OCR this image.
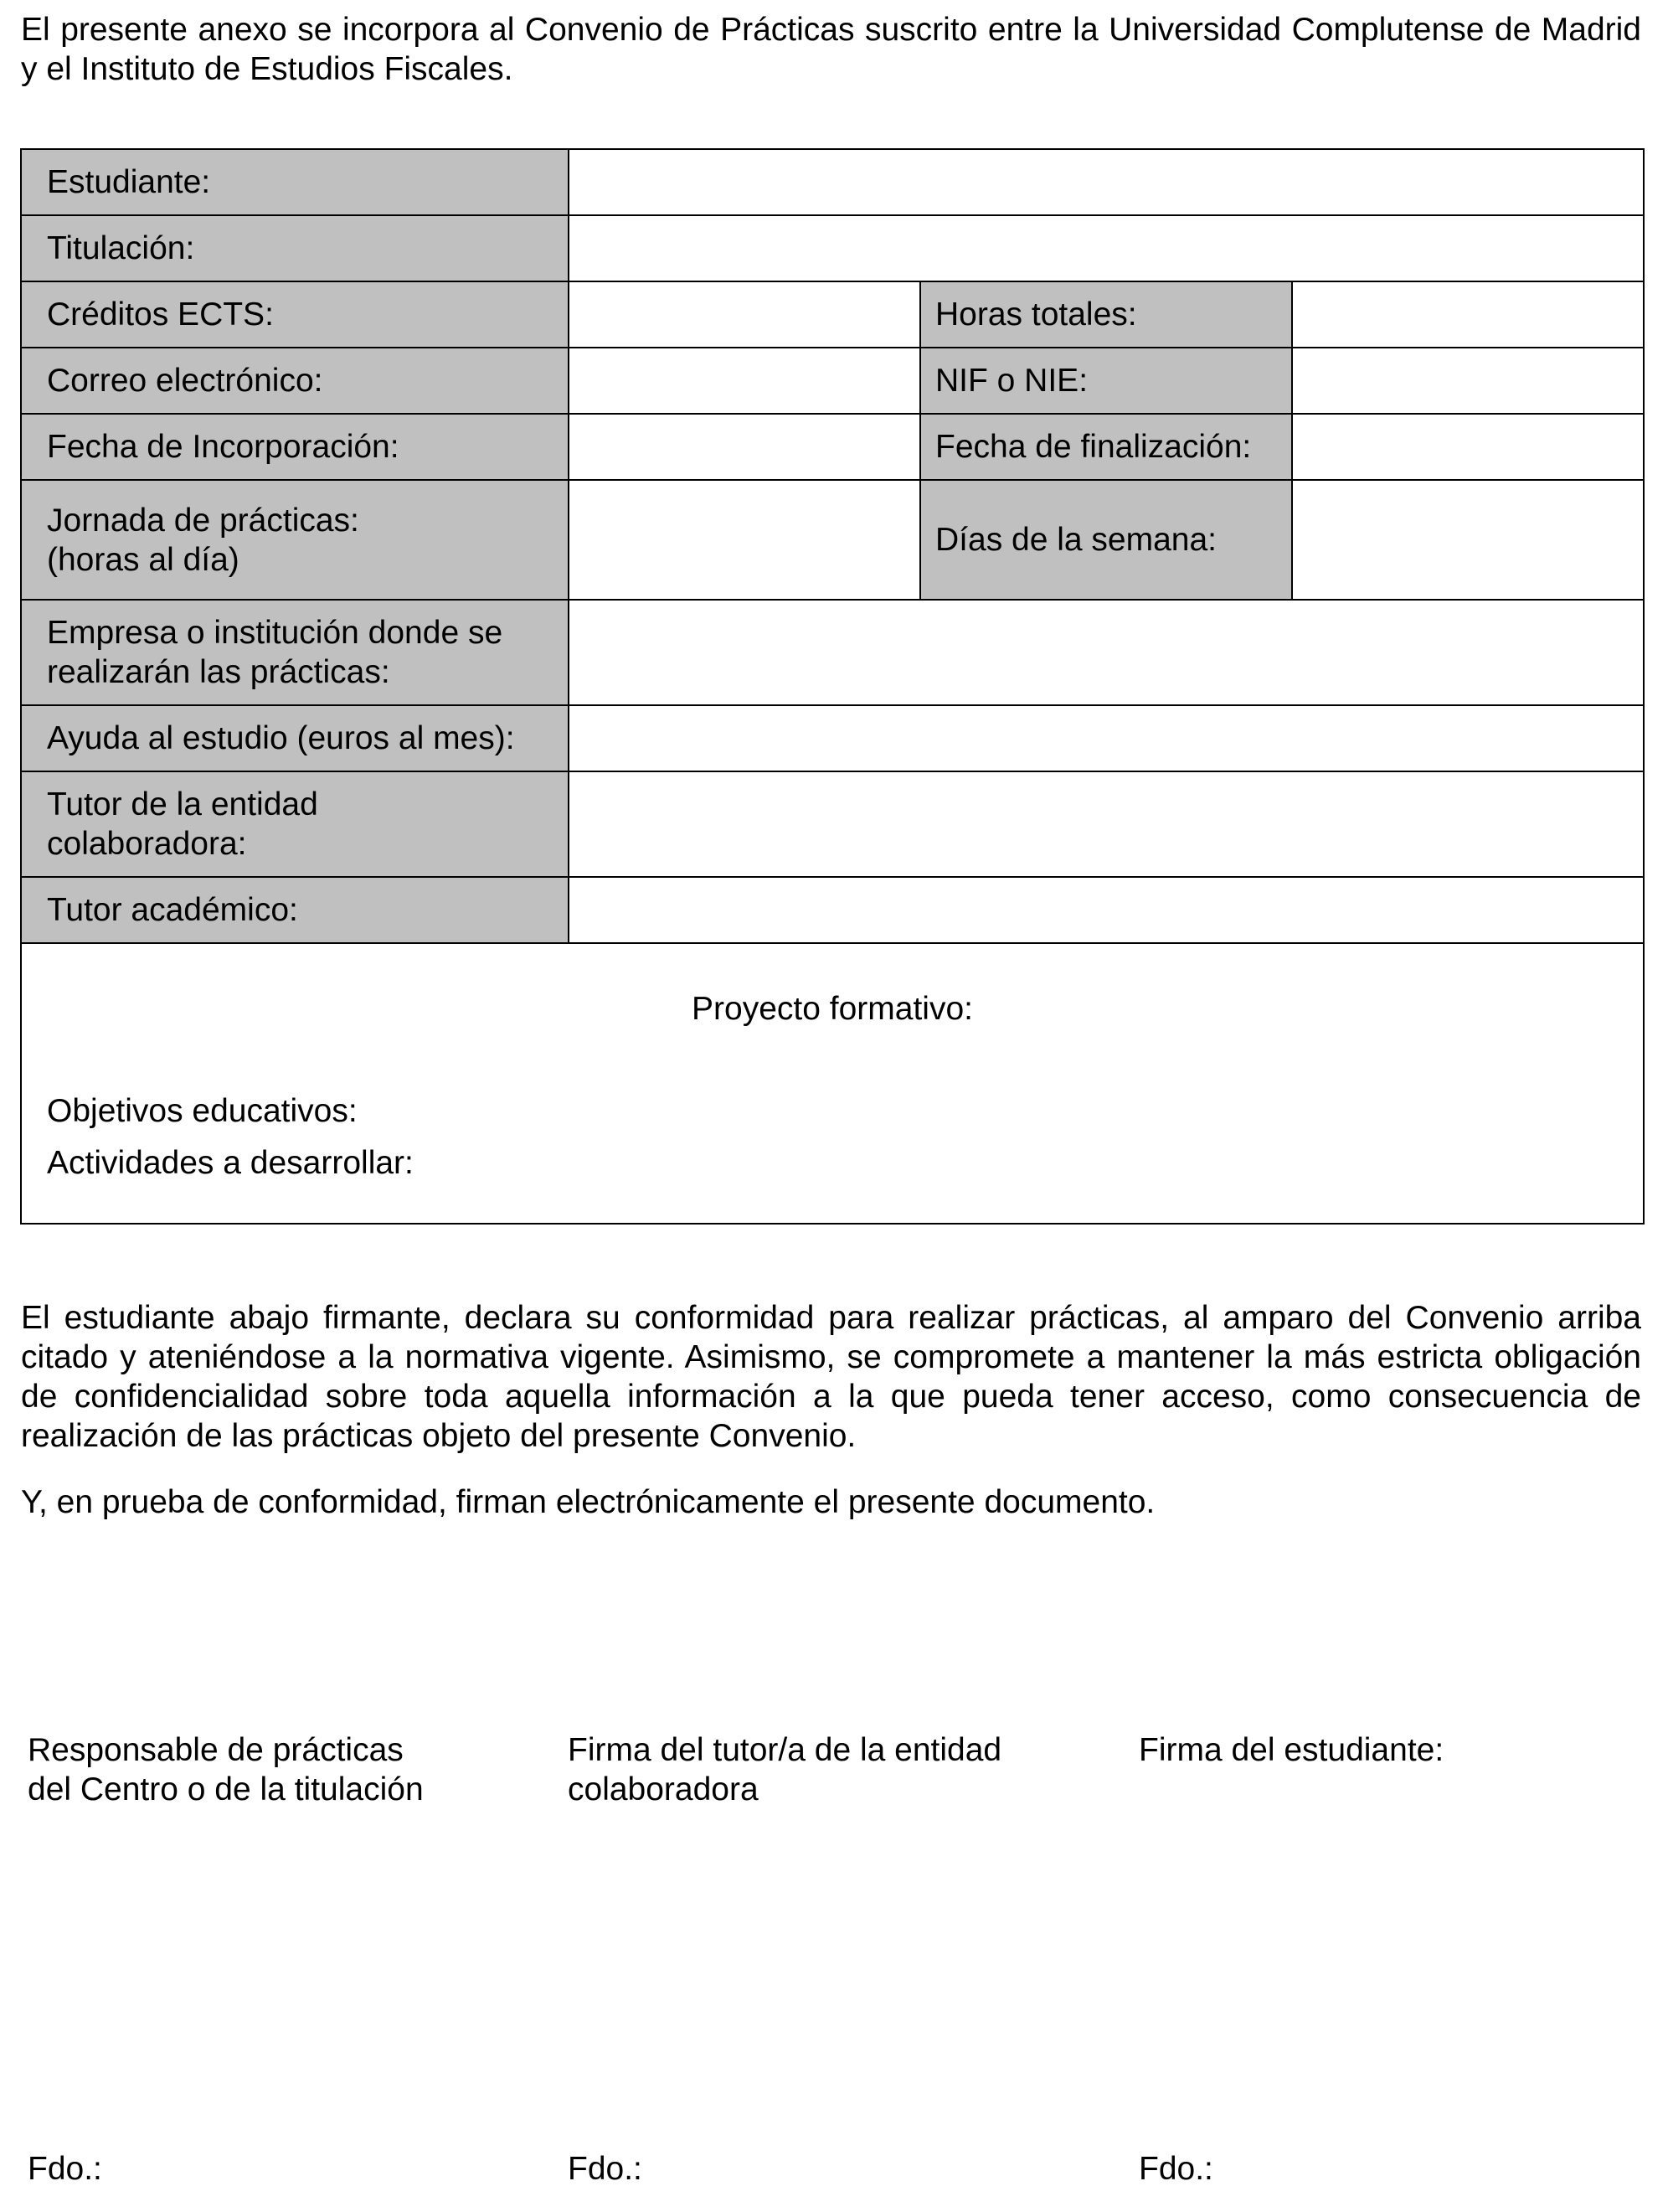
El presente anexo se incorpora al Convenio de Prácticas suscrito entre la Universidad Complutense de Madrid y el Instituto de Estudios Fiscales.
Estudiante:			
Titulación:			
Créditos ECTS:		Horas totales:	
Correo electrónico:		NIF o NIE:	
Fecha de Incorporación:		Fecha de finalización:	

Jornada de prácticas:
(horas al día)		Días de la semana:	

Empresa o institución donde se
realizarán las prácticas:			

Ayuda al estudio (euros al mes):			

Tutor de la entidad
colaboradora:			

Tutor académico:			

Proyecto formativo:
Objetivos educativos:
Actividades a desarrollar:			
El estudiante abajo firmante, declara su conformidad para realizar prácticas, al amparo del Convenio arriba citado y ateniéndose a la normativa vigente. Asimismo, se compromete a mantener la más estricta obligación de confidencialidad sobre toda aquella información a la que pueda tener acceso, como consecuencia de realización de las prácticas objeto del presente Convenio.
Y, en prueba de conformidad, firman electrónicamente el presente documento.
Responsable de prácticas
del Centro o de la titulación
Firma del tutor/a de la entidad
colaboradora
Firma del estudiante:
Fdo.:	Fdo.:	Fdo.:
